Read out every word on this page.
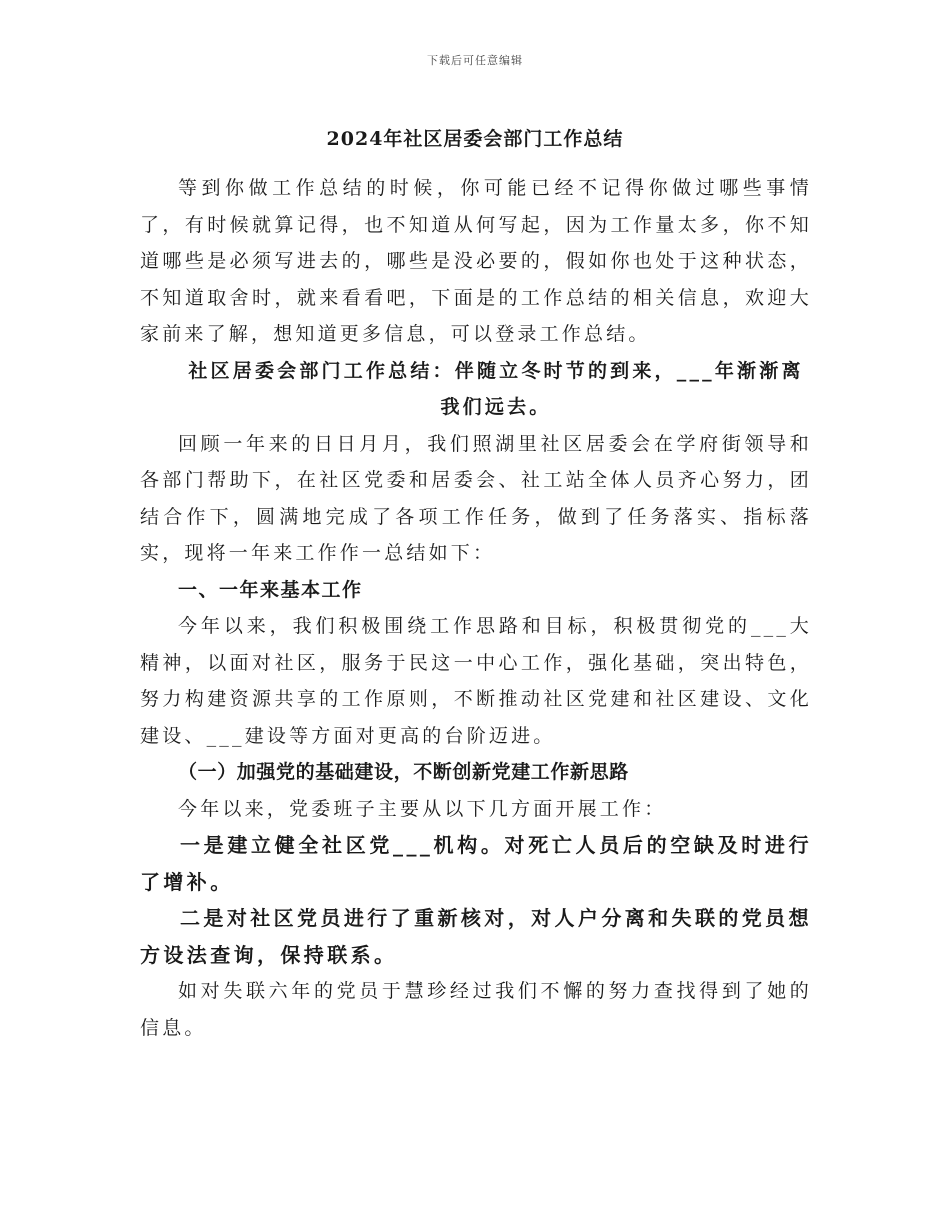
下载后可任意编辑
2024年社区居委会部门工作总结

等到你做工作总结的时候，你可能已经不记得你做过哪些事情了，有时候就算记得，也不知道从何写起，因为工作量太多，你不知道哪些是必须写进去的，哪些是没必要的，假如你也处于这种状态，不知道取舍时，就来看看吧，下面是的工作总结的相关信息，欢迎大家前来了解，想知道更多信息，可以登录工作总结。

社区居委会部门工作总结：伴随立冬时节的到来，___年渐渐离我们远去。

回顾一年来的日日月月，我们照湖里社区居委会在学府街领导和各部门帮助下，在社区党委和居委会、社工站全体人员齐心努力，团结合作下，圆满地完成了各项工作任务，做到了任务落实、指标落实，现将一年来工作作一总结如下：

一、一年来基本工作

今年以来，我们积极围绕工作思路和目标，积极贯彻党的___大精神，以面对社区，服务于民这一中心工作，强化基础，突出特色，努力构建资源共享的工作原则，不断推动社区党建和社区建设、文化建设、___建设等方面对更高的台阶迈进。

（一）加强党的基础建设，不断创新党建工作新思路

今年以来，党委班子主要从以下几方面开展工作：

一是建立健全社区党___机构。对死亡人员后的空缺及时进行了增补。

二是对社区党员进行了重新核对，对人户分离和失联的党员想方设法查询，保持联系。

如对失联六年的党员于慧珍经过我们不懈的努力查找得到了她的信息。
